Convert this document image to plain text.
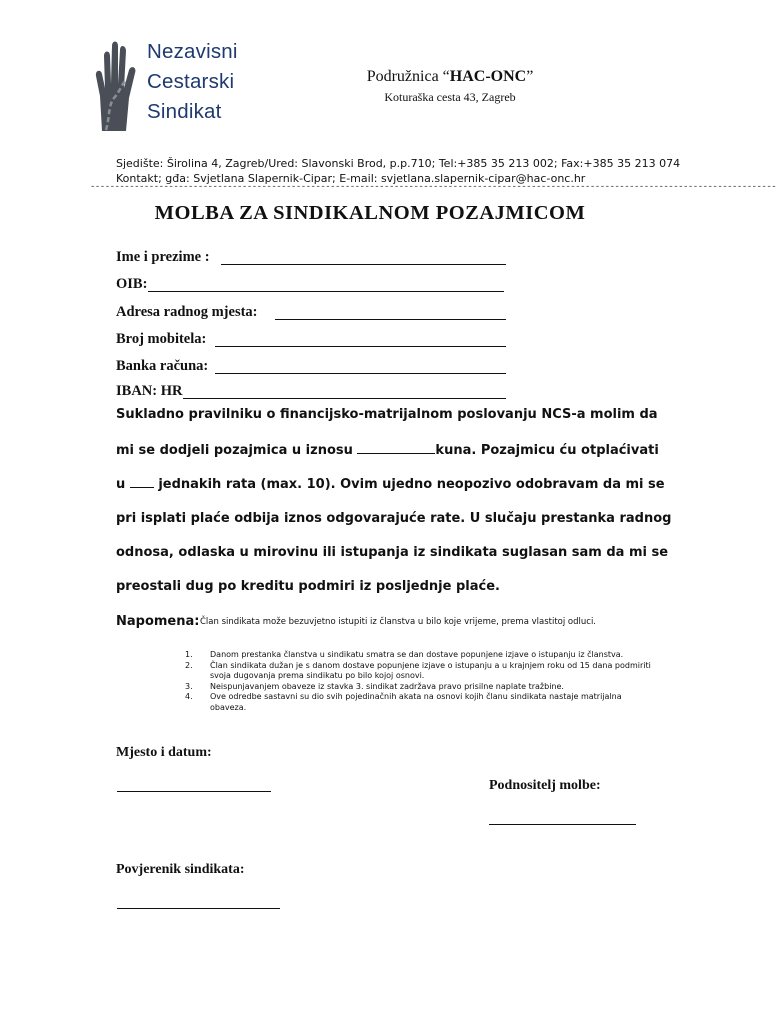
Nezavisni
Cestarski
Sindikat
Podružnica “HAC-ONC”
Koturaška cesta 43, Zagreb
Sjedište: Širolina 4, Zagreb/Ured: Slavonski Brod, p.p.710; Tel:+385 35 213 002; Fax:+385 35 213 074
Kontakt; gđa: Svjetlana Slapernik-Cipar; E-mail: svjetlana.slapernik-cipar@hac-onc.hr
--------------------------------------------------------------------------------------------------------------------------------------------
MOLBA ZA SINDIKALNOM POZAJMICOM
Ime i prezime :
OIB:
Adresa radnog mjesta:
Broj mobitela:
Banka računa:
IBAN: HR
Sukladno pravilniku o financijsko-matrijalnom poslovanju NCS-a molim da
mi se dodjeli pozajmica u iznosu	kuna. Pozajmicu ću otplaćivati
u	jednakih rata (max. 10). Ovim ujedno neopozivo odobravam da mi se
pri isplati plaće odbija iznos odgovarajuće rate. U slučaju prestanka radnog
odnosa, odlaska u mirovinu ili istupanja iz sindikata suglasan sam da mi se
preostali dug po kreditu podmiri iz posljednje plaće.
Napomena: Član sindikata može bezuvjetno istupiti iz članstva u bilo koje vrijeme, prema vlastitoj odluci.
1.	Danom prestanka članstva u sindikatu smatra se dan dostave popunjene izjave o istupanju iz članstva.
2.	Član sindikata dužan je s danom dostave popunjene izjave o istupanju a u krajnjem roku od 15 dana podmiriti svoja dugovanja prema sindikatu po bilo kojoj osnovi.
3.	Neispunjavanjem obaveze iz stavka 3. sindikat zadržava pravo prisilne naplate tražbine.
4.	Ove odredbe sastavni su dio svih pojedinačnih akata na osnovi kojih članu sindikata nastaje matrijalna obaveza.
Mjesto i datum:
Podnositelj molbe:
Povjerenik sindikata:
